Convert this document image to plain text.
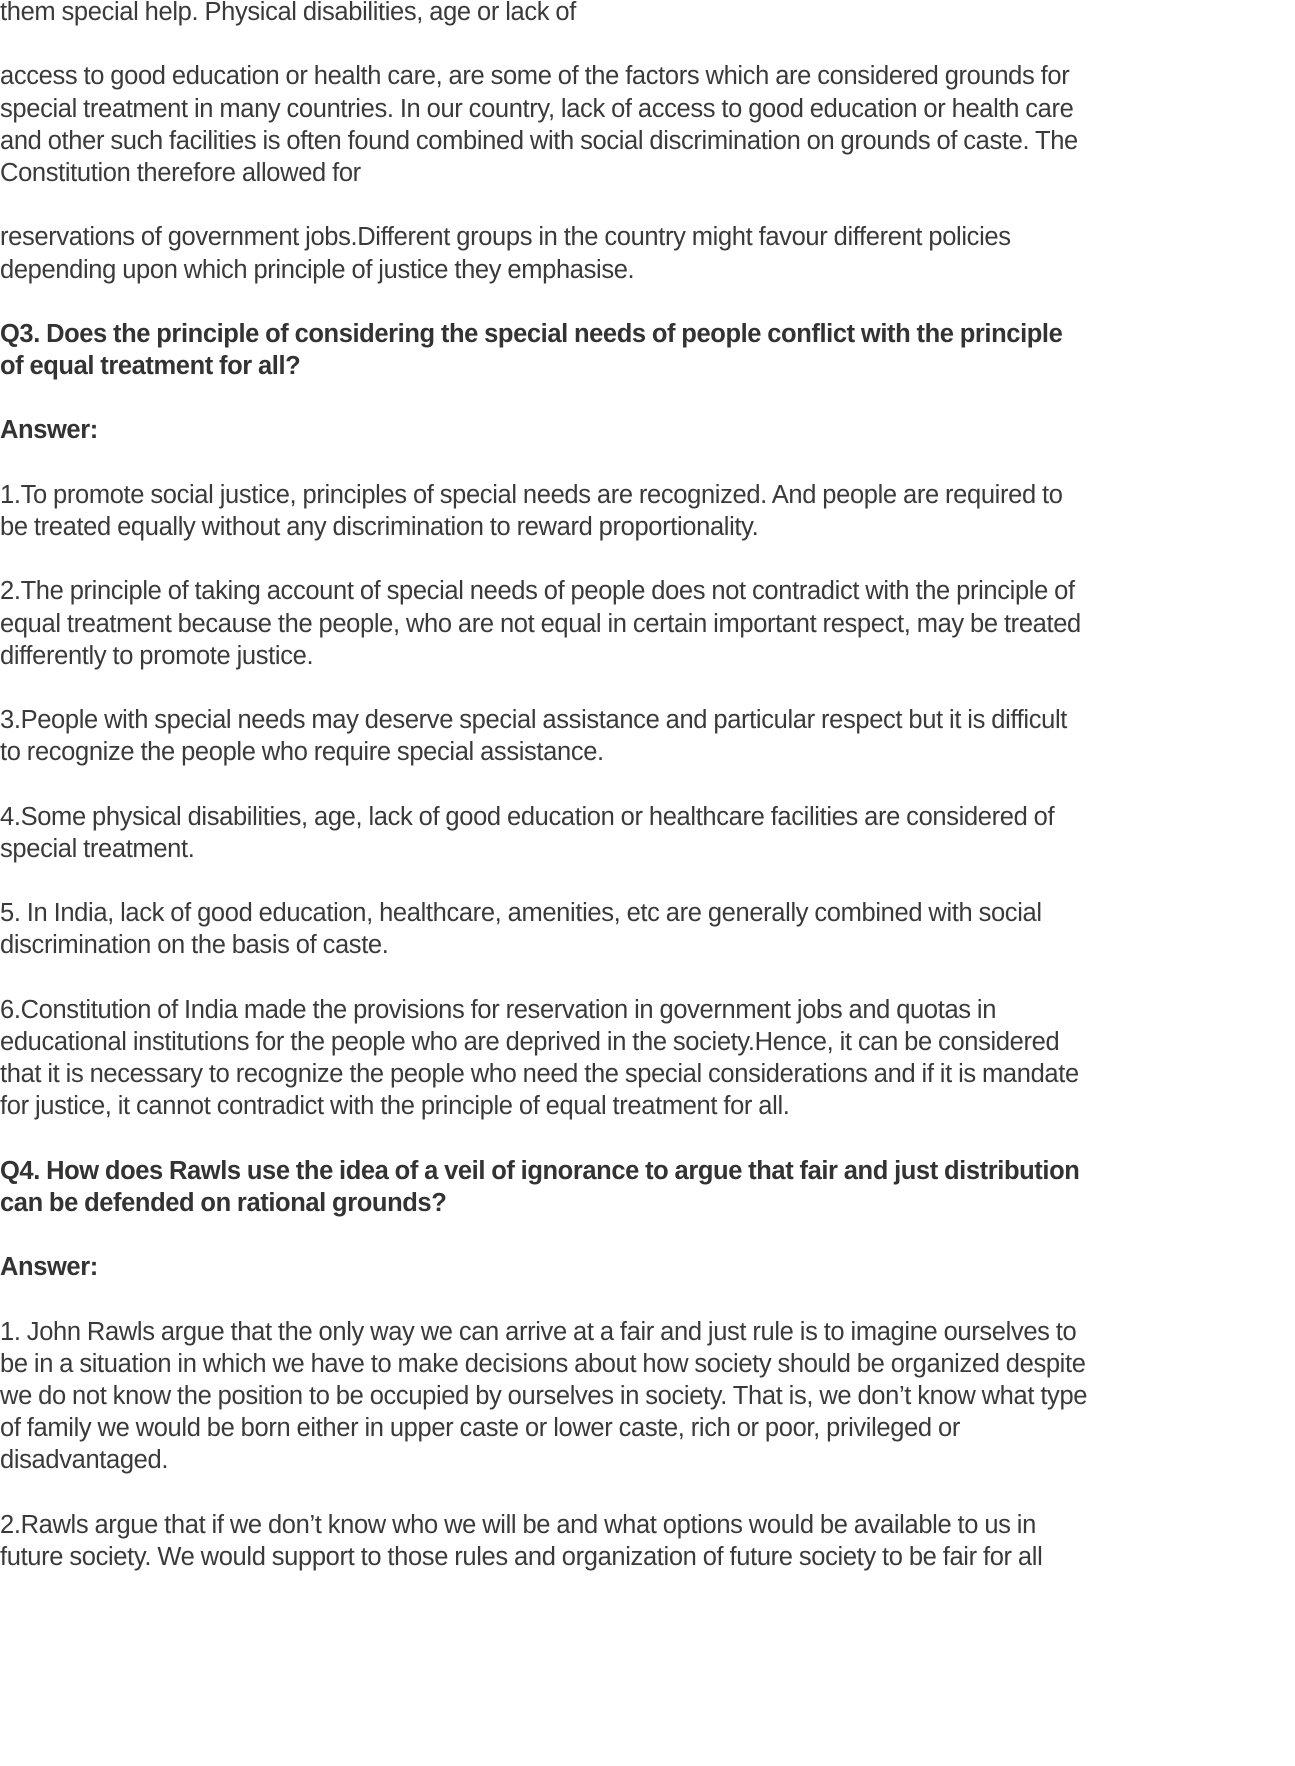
them special help. Physical disabilities, age or lack of

access to good education or health care, are some of the factors which are considered grounds for
special treatment in many countries. In our country, lack of access to good education or health care
and other such facilities is often found combined with social discrimination on grounds of caste. The
Constitution therefore allowed for

reservations of government jobs.Different groups in the country might favour different policies
depending upon which principle of justice they emphasise.

Q3. Does the principle of considering the special needs of people conflict with the principle
of equal treatment for all?

Answer:

1.To promote social justice, principles of special needs are recognized. And people are required to
be treated equally without any discrimination to reward proportionality.

2.The principle of taking account of special needs of people does not contradict with the principle of
equal treatment because the people, who are not equal in certain important respect, may be treated
differently to promote justice.

3.People with special needs may deserve special assistance and particular respect but it is difficult
to recognize the people who require special assistance.

4.Some physical disabilities, age, lack of good education or healthcare facilities are considered of
special treatment.

5. In India, lack of good education, healthcare, amenities, etc are generally combined with social
discrimination on the basis of caste.

6.Constitution of India made the provisions for reservation in government jobs and quotas in
educational institutions for the people who are deprived in the society.Hence, it can be considered
that it is necessary to recognize the people who need the special considerations and if it is mandate
for justice, it cannot contradict with the principle of equal treatment for all.

Q4. How does Rawls use the idea of a veil of ignorance to argue that fair and just distribution
can be defended on rational grounds?

Answer:

1. John Rawls argue that the only way we can arrive at a fair and just rule is to imagine ourselves to
be in a situation in which we have to make decisions about how society should be organized despite
we do not know the position to be occupied by ourselves in society. That is, we don’t know what type
of family we would be born either in upper caste or lower caste, rich or poor, privileged or
disadvantaged.

2.Rawls argue that if we don’t know who we will be and what options would be available to us in
future society. We would support to those rules and organization of future society to be fair for all
